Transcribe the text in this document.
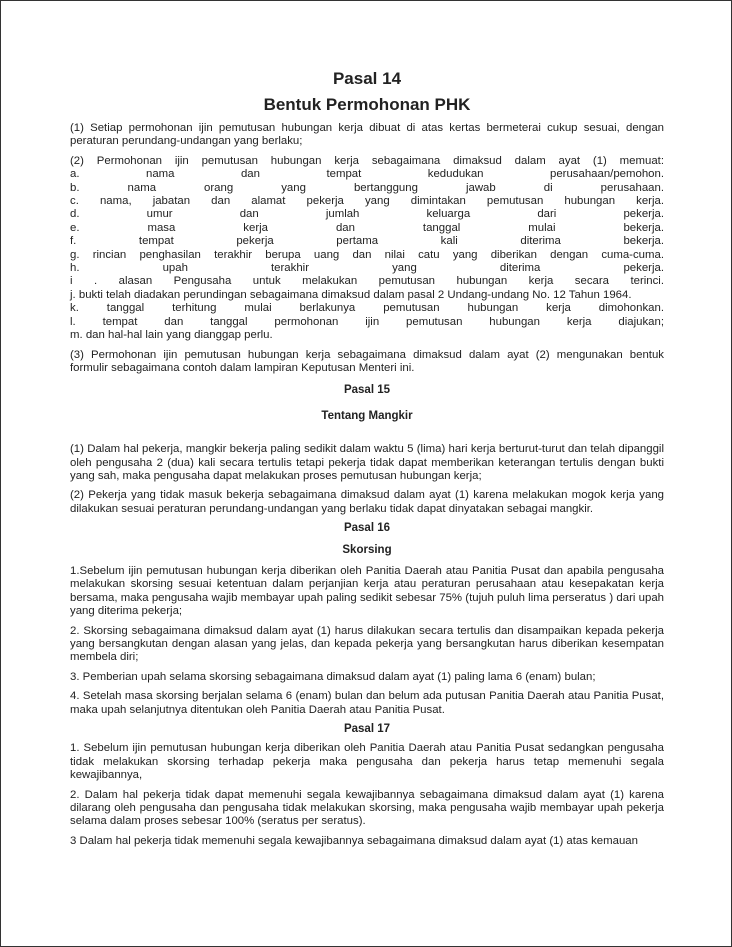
Pasal 14
Bentuk Permohonan PHK

(1) Setiap permohonan ijin pemutusan hubungan kerja dibuat di atas kertas bermeterai cukup sesuai, dengan

peraturan perundang-undangan yang berlaku;

(2) Permohonan ijin pemutusan hubungan kerja sebagaimana dimaksud dalam ayat (1) memuat:

a. nama dan tempat kedudukan perusahaan/pemohon.
b. nama orang yang bertanggung jawab di perusahaan.
c. nama, jabatan dan alamat pekerja yang dimintakan pemutusan hubungan kerja.
d. umur dan jumlah keluarga dari pekerja.
e. masa kerja dan tanggal mulai bekerja.
f. tempat pekerja pertama kali diterima bekerja.
g. rincian penghasilan terakhir berupa uang dan nilai catu yang diberikan dengan cuma-cuma.
h. upah terakhir yang diterima pekerja.
i . alasan Pengusaha untuk melakukan pemutusan hubungan kerja secara terinci.
j. bukti telah diadakan perundingan sebagaimana dimaksud dalam pasal 2 Undang-undang No. 12 Tahun 1964.
k. tanggal terhitung mulai berlakunya pemutusan hubungan kerja dimohonkan.
l. tempat dan tanggal permohonan ijin pemutusan hubungan kerja diajukan;
m. dan hal-hal lain yang dianggap perlu.

(3) Permohonan ijin pemutusan hubungan kerja sebagaimana dimaksud dalam ayat (2) mengunakan bentuk

formulir sebagaimana contoh dalam lampiran Keputusan Menteri ini.

Pasal 15
Tentang Mangkir

(1) Dalam hal pekerja, mangkir bekerja paling sedikit dalam waktu 5 (lima) hari kerja berturut-turut dan telah dipanggil oleh pengusaha 2 (dua) kali secara tertulis tetapi pekerja tidak dapat memberikan keterangan tertulis dengan bukti yang sah, maka pengusaha dapat melakukan proses pemutusan hubungan kerja;

(2) Pekerja yang tidak masuk bekerja sebagaimana dimaksud dalam ayat (1) karena melakukan mogok kerja yang dilakukan sesuai peraturan perundang-undangan yang berlaku tidak dapat dinyatakan sebagai mangkir.

Pasal 16
Skorsing

1.Sebelum ijin pemutusan hubungan kerja diberikan oleh Panitia Daerah atau Panitia Pusat dan apabila pengusaha melakukan skorsing sesuai ketentuan dalam perjanjian kerja atau peraturan perusahaan atau kesepakatan kerja bersama, maka pengusaha wajib membayar upah paling sedikit sebesar 75% (tujuh puluh lima perseratus ) dari upah yang diterima pekerja;

2. Skorsing sebagaimana dimaksud dalam ayat (1) harus dilakukan secara tertulis dan disampaikan kepada pekerja yang bersangkutan dengan alasan yang jelas, dan kepada pekerja yang bersangkutan harus diberikan kesempatan membela diri;

3. Pemberian upah selama skorsing sebagaimana dimaksud dalam ayat (1) paling lama 6 (enam) bulan;

4. Setelah masa skorsing berjalan selama 6 (enam) bulan dan belum ada putusan Panitia Daerah atau Panitia Pusat, maka upah selanjutnya ditentukan oleh Panitia Daerah atau Panitia Pusat.

Pasal 17

1. Sebelum ijin pemutusan hubungan kerja diberikan oleh Panitia Daerah atau Panitia Pusat sedangkan pengusaha tidak melakukan skorsing terhadap pekerja maka pengusaha dan pekerja harus tetap memenuhi segala kewajibannya,

2. Dalam hal pekerja tidak dapat memenuhi segala kewajibannya sebagaimana dimaksud dalam ayat (1) karena dilarang oleh pengusaha dan pengusaha tidak melakukan skorsing, maka pengusaha wajib membayar upah pekerja selama dalam proses sebesar 100% (seratus per seratus).

3 Dalam hal pekerja tidak memenuhi segala kewajibannya sebagaimana dimaksud dalam ayat (1) atas kemauan
